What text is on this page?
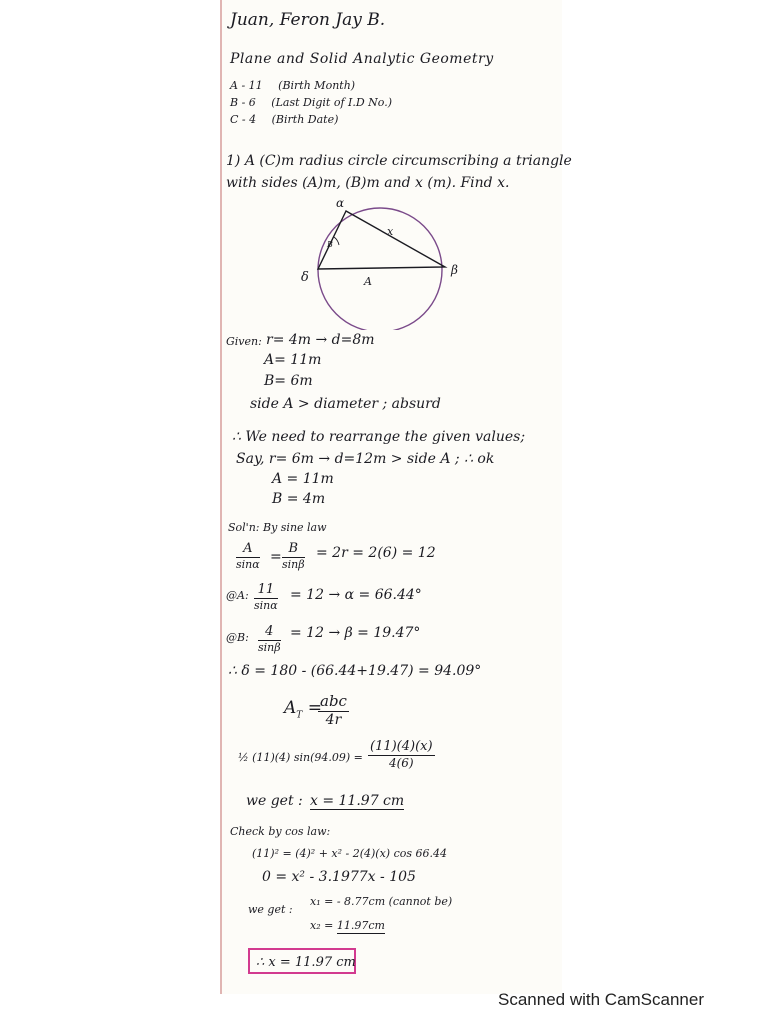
Juan, Feron Jay B.
Plane and Solid Analytic Geometry
A - 11 (Birth Month)
B - 6 (Last Digit of I.D No.)
C - 4 (Birth Date)
1) A (C)m radius circle circumscribing a triangle
with sides (A)m, (B)m and x (m). Find x.
α
β
δ
x
A
B
Given: r= 4m → d=8m
A= 11m
B= 6m
side A > diameter ; absurd
∴ We need to rearrange the given values;
Say, r= 6m → d=12m > side A ; ∴ ok
A = 11m
B = 4m
Sol'n: By sine law
A
sinα =
B
sinβ
= 2r = 2(6) = 12
@A: 11
sinα
= 12 → α = 66.44°
@B:	4
sinβ
= 12 → β = 19.47°
∴ δ = 180 - (66.44+19.47) = 94.09°
$A_T$ =
abc
4r
½ (11)(4) $\sin(94.09) = \frac{(11)(4)(x)}{4(6)}$
we get : x = 11.97 cm
Check by cos law:
(11)² = (4)² + x² - 2(4)(x) cos 66.44
0 = x² - 3.1977x - 105
we get :
x₁ = - 8.77cm (cannot be)
x₂ = 11.97cm
∴ x = 11.97 cm
Scanned with CamScanner
